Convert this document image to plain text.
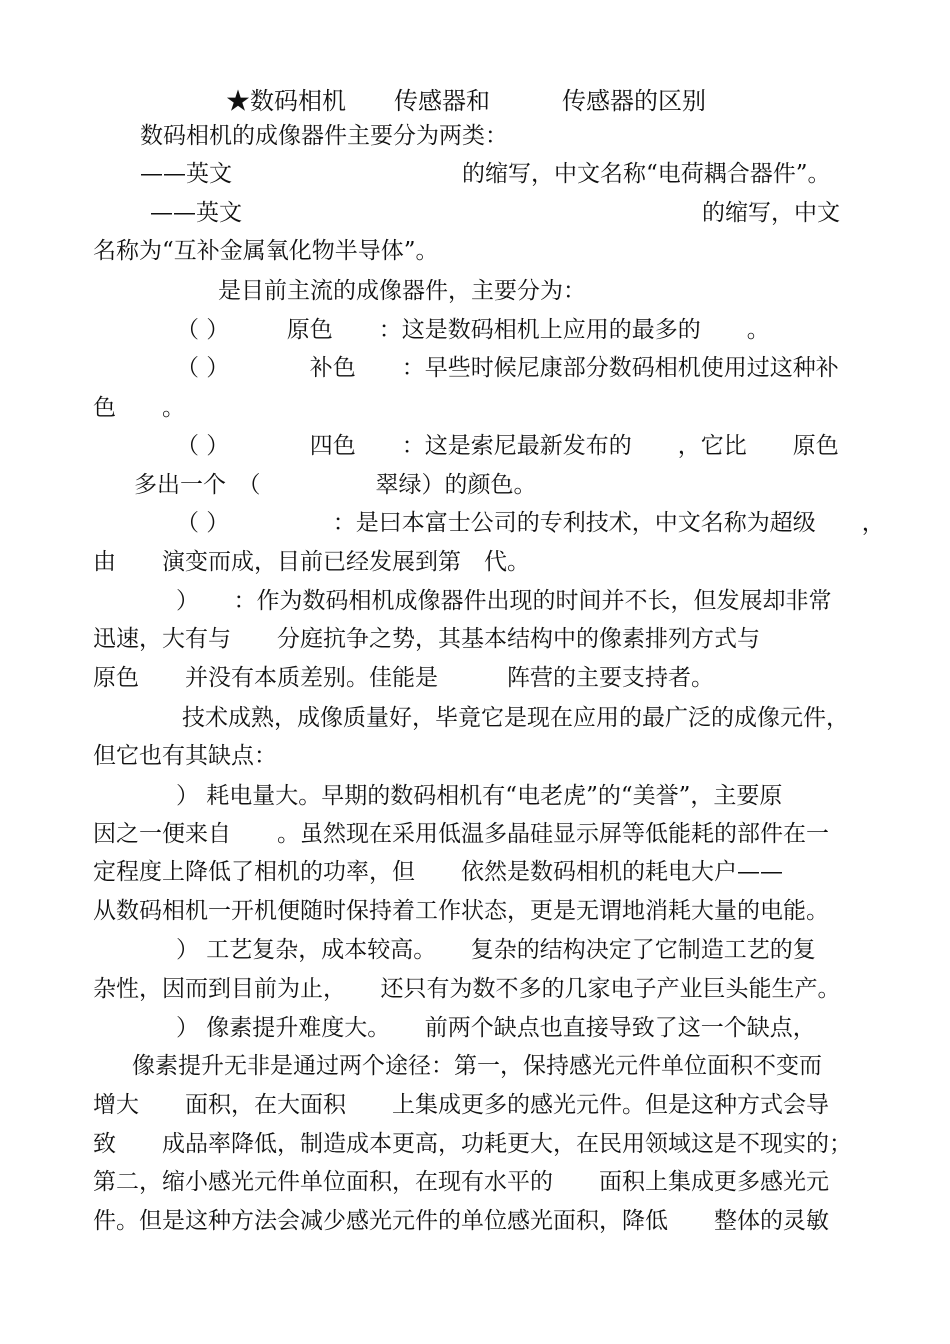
★数码相机　　传感器和　　　传感器的区别
数码相机的成像器件主要分为两类：
——英文　　　　　　　　　　的缩写，中文名称“电荷耦合器件”。
——英文　　　　　　　　　　　　　　　　　　　　的缩写，中文
名称为“互补金属氧化物半导体”。
是目前主流的成像器件，主要分为：
（ ）　　　原色　　：这是数码相机上应用的最多的　　。
（ ）　　　　补色　　：早些时候尼康部分数码相机使用过这种补
色　　。
（ ）　　　　四色　　：这是索尼最新发布的　　，它比　　原色
多出一个　（　　　　　翠绿）的颜色。
（ ）　　　　　：是曰本富士公司的专利技术，中文名称为超级　　，
由　　演变而成，目前已经发展到第　代。
）　　：作为数码相机成像器件出现的时间并不长，但发展却非常
迅速，大有与　　分庭抗争之势，其基本结构中的像素排列方式与
原色　　并没有本质差别。佳能是　　　阵营的主要支持者。
技术成熟，成像质量好，毕竟它是现在应用的最广泛的成像元件，
但它也有其缺点：
） 耗电量大。早期的数码相机有“电老虎”的“美誉”，主要原
因之一便来自　　。虽然现在采用低温多晶硅显示屏等低能耗的部件在一
定程度上降低了相机的功率，但　　依然是数码相机的耗电大户——
从数码相机一开机便随时保持着工作状态，更是无谓地消耗大量的电能。
） 工艺复杂，成本较高。　　复杂的结构决定了它制造工艺的复
杂性，因而到目前为止，　　还只有为数不多的几家电子产业巨头能生产。
） 像素提升难度大。　　前两个缺点也直接导致了这一个缺点，
像素提升无非是通过两个途径：第一，保持感光元件单位面积不变而
增大　　面积，在大面积　　上集成更多的感光元件。但是这种方式会导
致　　成品率降低，制造成本更高，功耗更大，在民用领域这是不现实的；
第二，缩小感光元件单位面积，在现有水平的　　面积上集成更多感光元
件。但是这种方法会减少感光元件的单位感光面积，降低　　整体的灵敏
